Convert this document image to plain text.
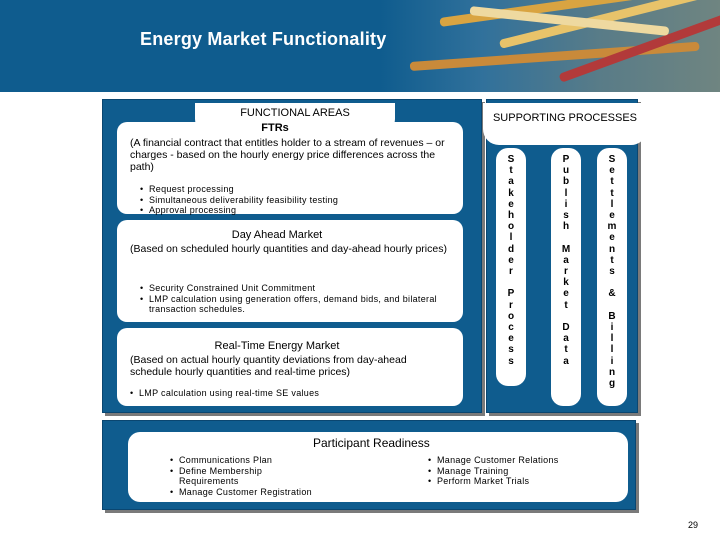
Energy Market Functionality
FUNCTIONAL AREAS
FTRs
(A financial contract that entitles holder to a stream of revenues – or charges - based on the hourly energy price differences across the path)
• Request processing
• Simultaneous deliverability feasibility testing
• Approval processing
Day Ahead Market
(Based on scheduled hourly quantities and day-ahead hourly prices)
• Security Constrained Unit Commitment
• LMP calculation using generation offers, demand bids, and bilateral transaction schedules.
Real-Time Energy Market
(Based on actual hourly quantity deviations from day-ahead schedule hourly quantities and real-time prices)
• LMP calculation using real-time SE values
SUPPORTING PROCESSES
S
t
a
k
e
h
o
l
d
e
r

P
r
o
c
e
s
s
P
u
b
l
i
s
h

M
a
r
k
e
t

D
a
t
a
S
e
t
t
l
e
m
e
n
t
s

&

B
i
l
l
i
n
g
Participant Readiness
• Communications Plan
• Define Membership Requirements
• Manage Customer Registration
• Manage Customer Relations
• Manage Training
• Perform Market Trials
29
